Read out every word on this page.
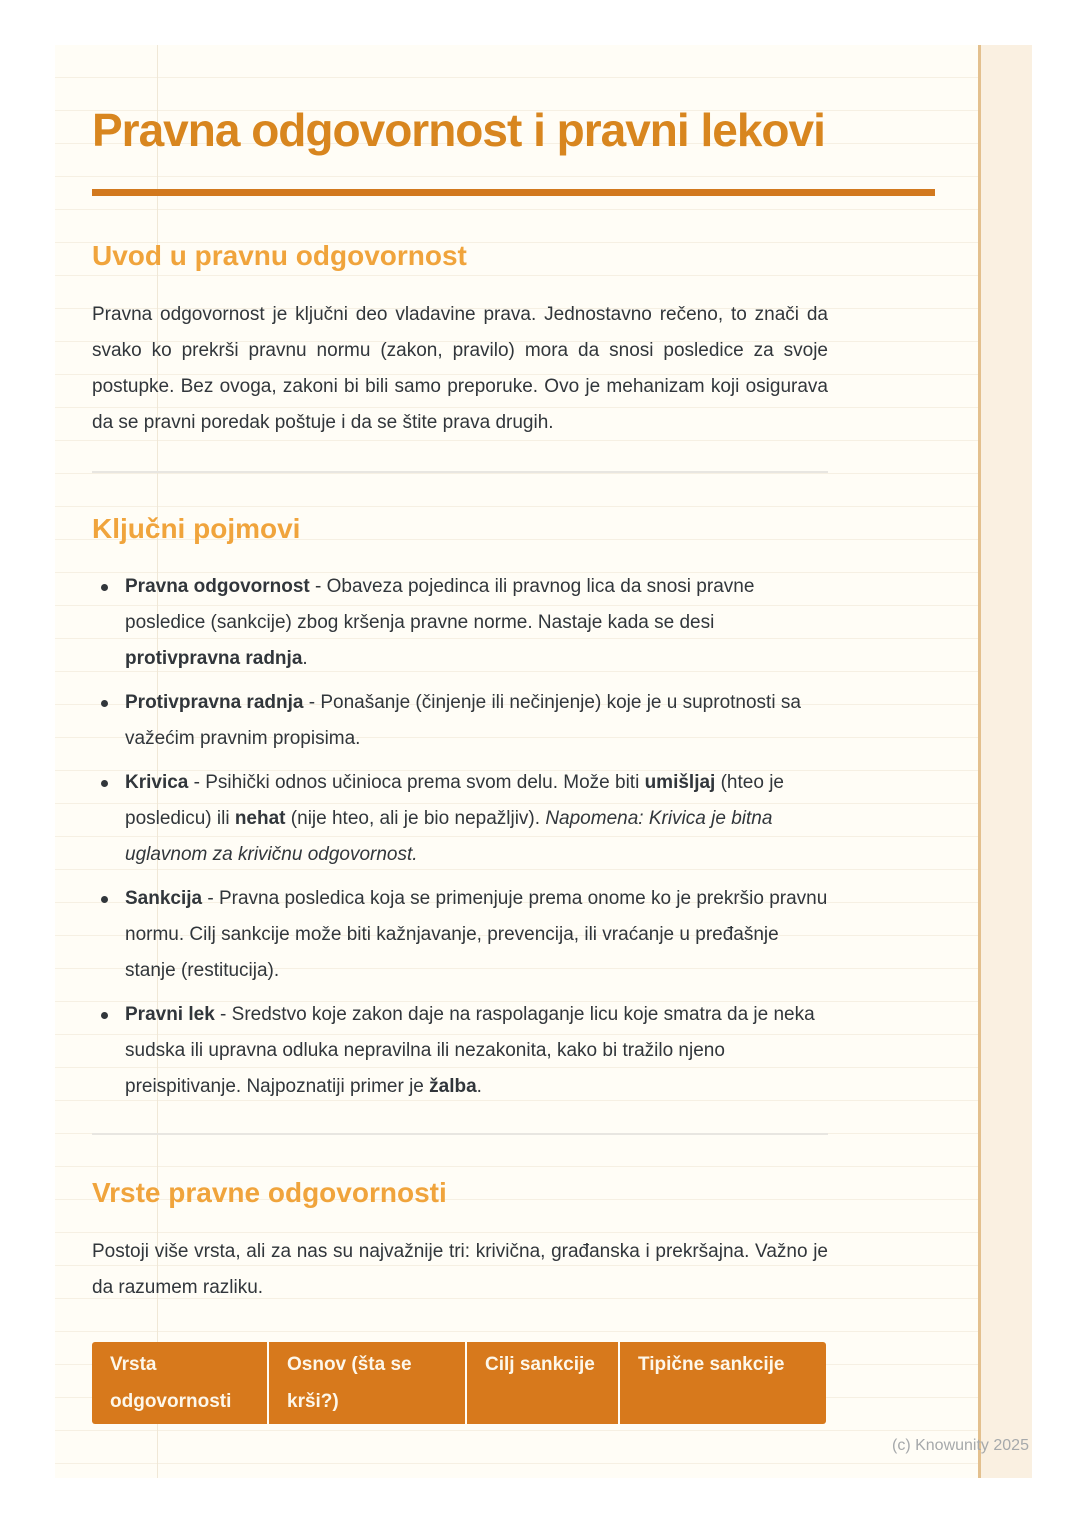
Pravna odgovornost i pravni lekovi
Uvod u pravnu odgovornost

Pravna odgovornost je ključni deo vladavine prava. Jednostavno rečeno, to znači da svako ko prekrši pravnu normu (zakon, pravilo) mora da snosi posledice za svoje postupke. Bez ovoga, zakoni bi bili samo preporuke. Ovo je mehanizam koji osigurava da se pravni poredak poštuje i da se štite prava drugih.

Ključni pojmovi
Pravna odgovornost - Obaveza pojedinca ili pravnog lica da snosi pravne posledice (sankcije) zbog kršenja pravne norme. Nastaje kada se desi protivpravna radnja.
Protivpravna radnja - Ponašanje (činjenje ili nečinjenje) koje je u suprotnosti sa važećim pravnim propisima.
Krivica - Psihički odnos učinioca prema svom delu. Može biti umišljaj (hteo je posledicu) ili nehat (nije hteo, ali je bio nepažljiv). Napomena: Krivica je bitna uglavnom za krivičnu odgovornost.
Sankcija - Pravna posledica koja se primenjuje prema onome ko je prekršio pravnu normu. Cilj sankcije može biti kažnjavanje, prevencija, ili vraćanje u pređašnje stanje (restitucija).
Pravni lek - Sredstvo koje zakon daje na raspolaganje licu koje smatra da je neka sudska ili upravna odluka nepravilna ili nezakonita, kako bi tražilo njeno preispitivanje. Najpoznatiji primer je žalba.
Vrste pravne odgovornosti

Postoji više vrsta, ali za nas su najvažnije tri: krivična, građanska i prekršajna. Važno je da razumem razliku.

Vrsta odgovornosti	Osnov (šta se krši?)	Cilj sankcije	Tipične sankcije
(c) Knowunity 2025
